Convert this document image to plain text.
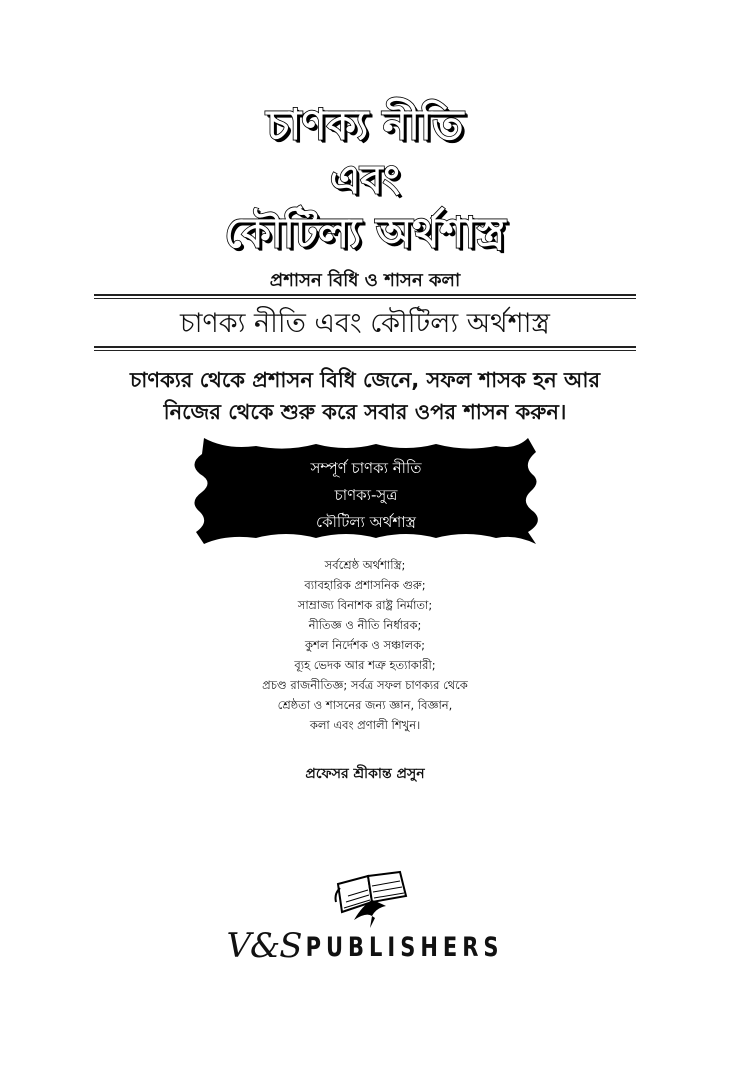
চাণক্য নীতি
এবং
কৌটিল্য অর্থশাস্ত্র
প্রশাসন বিধি ও শাসন কলা
চাণক্য নীতি এবং কৌটিল্য অর্থশাস্ত্র
চাণক্যর থেকে প্রশাসন বিধি জেনে, সফল শাসক হন আর
নিজের থেকে শুরু করে সবার ওপর শাসন করুন।
সম্পূর্ণ চাণক্য নীতি
চাণক্য-সুত্র
কৌটিল্য অর্থশাস্ত্র
সর্বশ্রেষ্ঠ অর্থশাস্ত্রি;
ব্যাবহারিক প্রশাসনিক গুরু;
সাম্রাজ্য বিনাশক রাষ্ট্র নির্মাতা;
নীতিজ্ঞ ও নীতি নির্ধারক;
কুশল নির্দেশক ও সঞ্চালক;
ব্যূহ ভেদক আর শত্রু হত্যাকারী;
প্রচণ্ড রাজনীতিজ্ঞ; সর্বত্র সফল চাণক্যর থেকে
শ্রেষ্ঠতা ও শাসনের জন্য জ্ঞান, বিজ্ঞান,
কলা এবং প্রণালী শিখুন।
প্রফেসর শ্রীকান্ত প্রসুন
V&S PUBLISHERS
